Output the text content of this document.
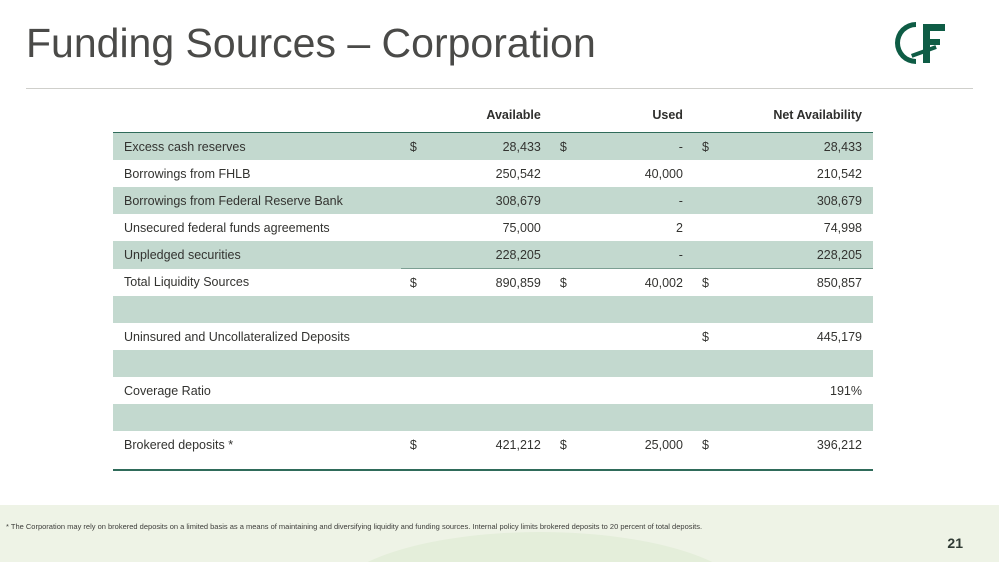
Funding Sources – Corporation
		Available		Used		Net Availability
Excess cash reserves	$	28,433	$	-	$	28,433
Borrowings from FHLB		250,542		40,000		210,542
Borrowings from Federal Reserve Bank		308,679		-		308,679
Unsecured federal funds agreements		75,000		2		74,998
Unpledged securities		228,205		-		228,205
Total Liquidity Sources	$	890,859	$	40,002	$	850,857

Uninsured and Uncollateralized Deposits					$	445,179

Coverage Ratio						191%

Brokered deposits *	$	421,212	$	25,000	$	396,212
* The Corporation may rely on brokered deposits on a limited basis as a means of maintaining and diversifying liquidity and funding sources. Internal policy limits brokered deposits to 20 percent of total deposits.
21
